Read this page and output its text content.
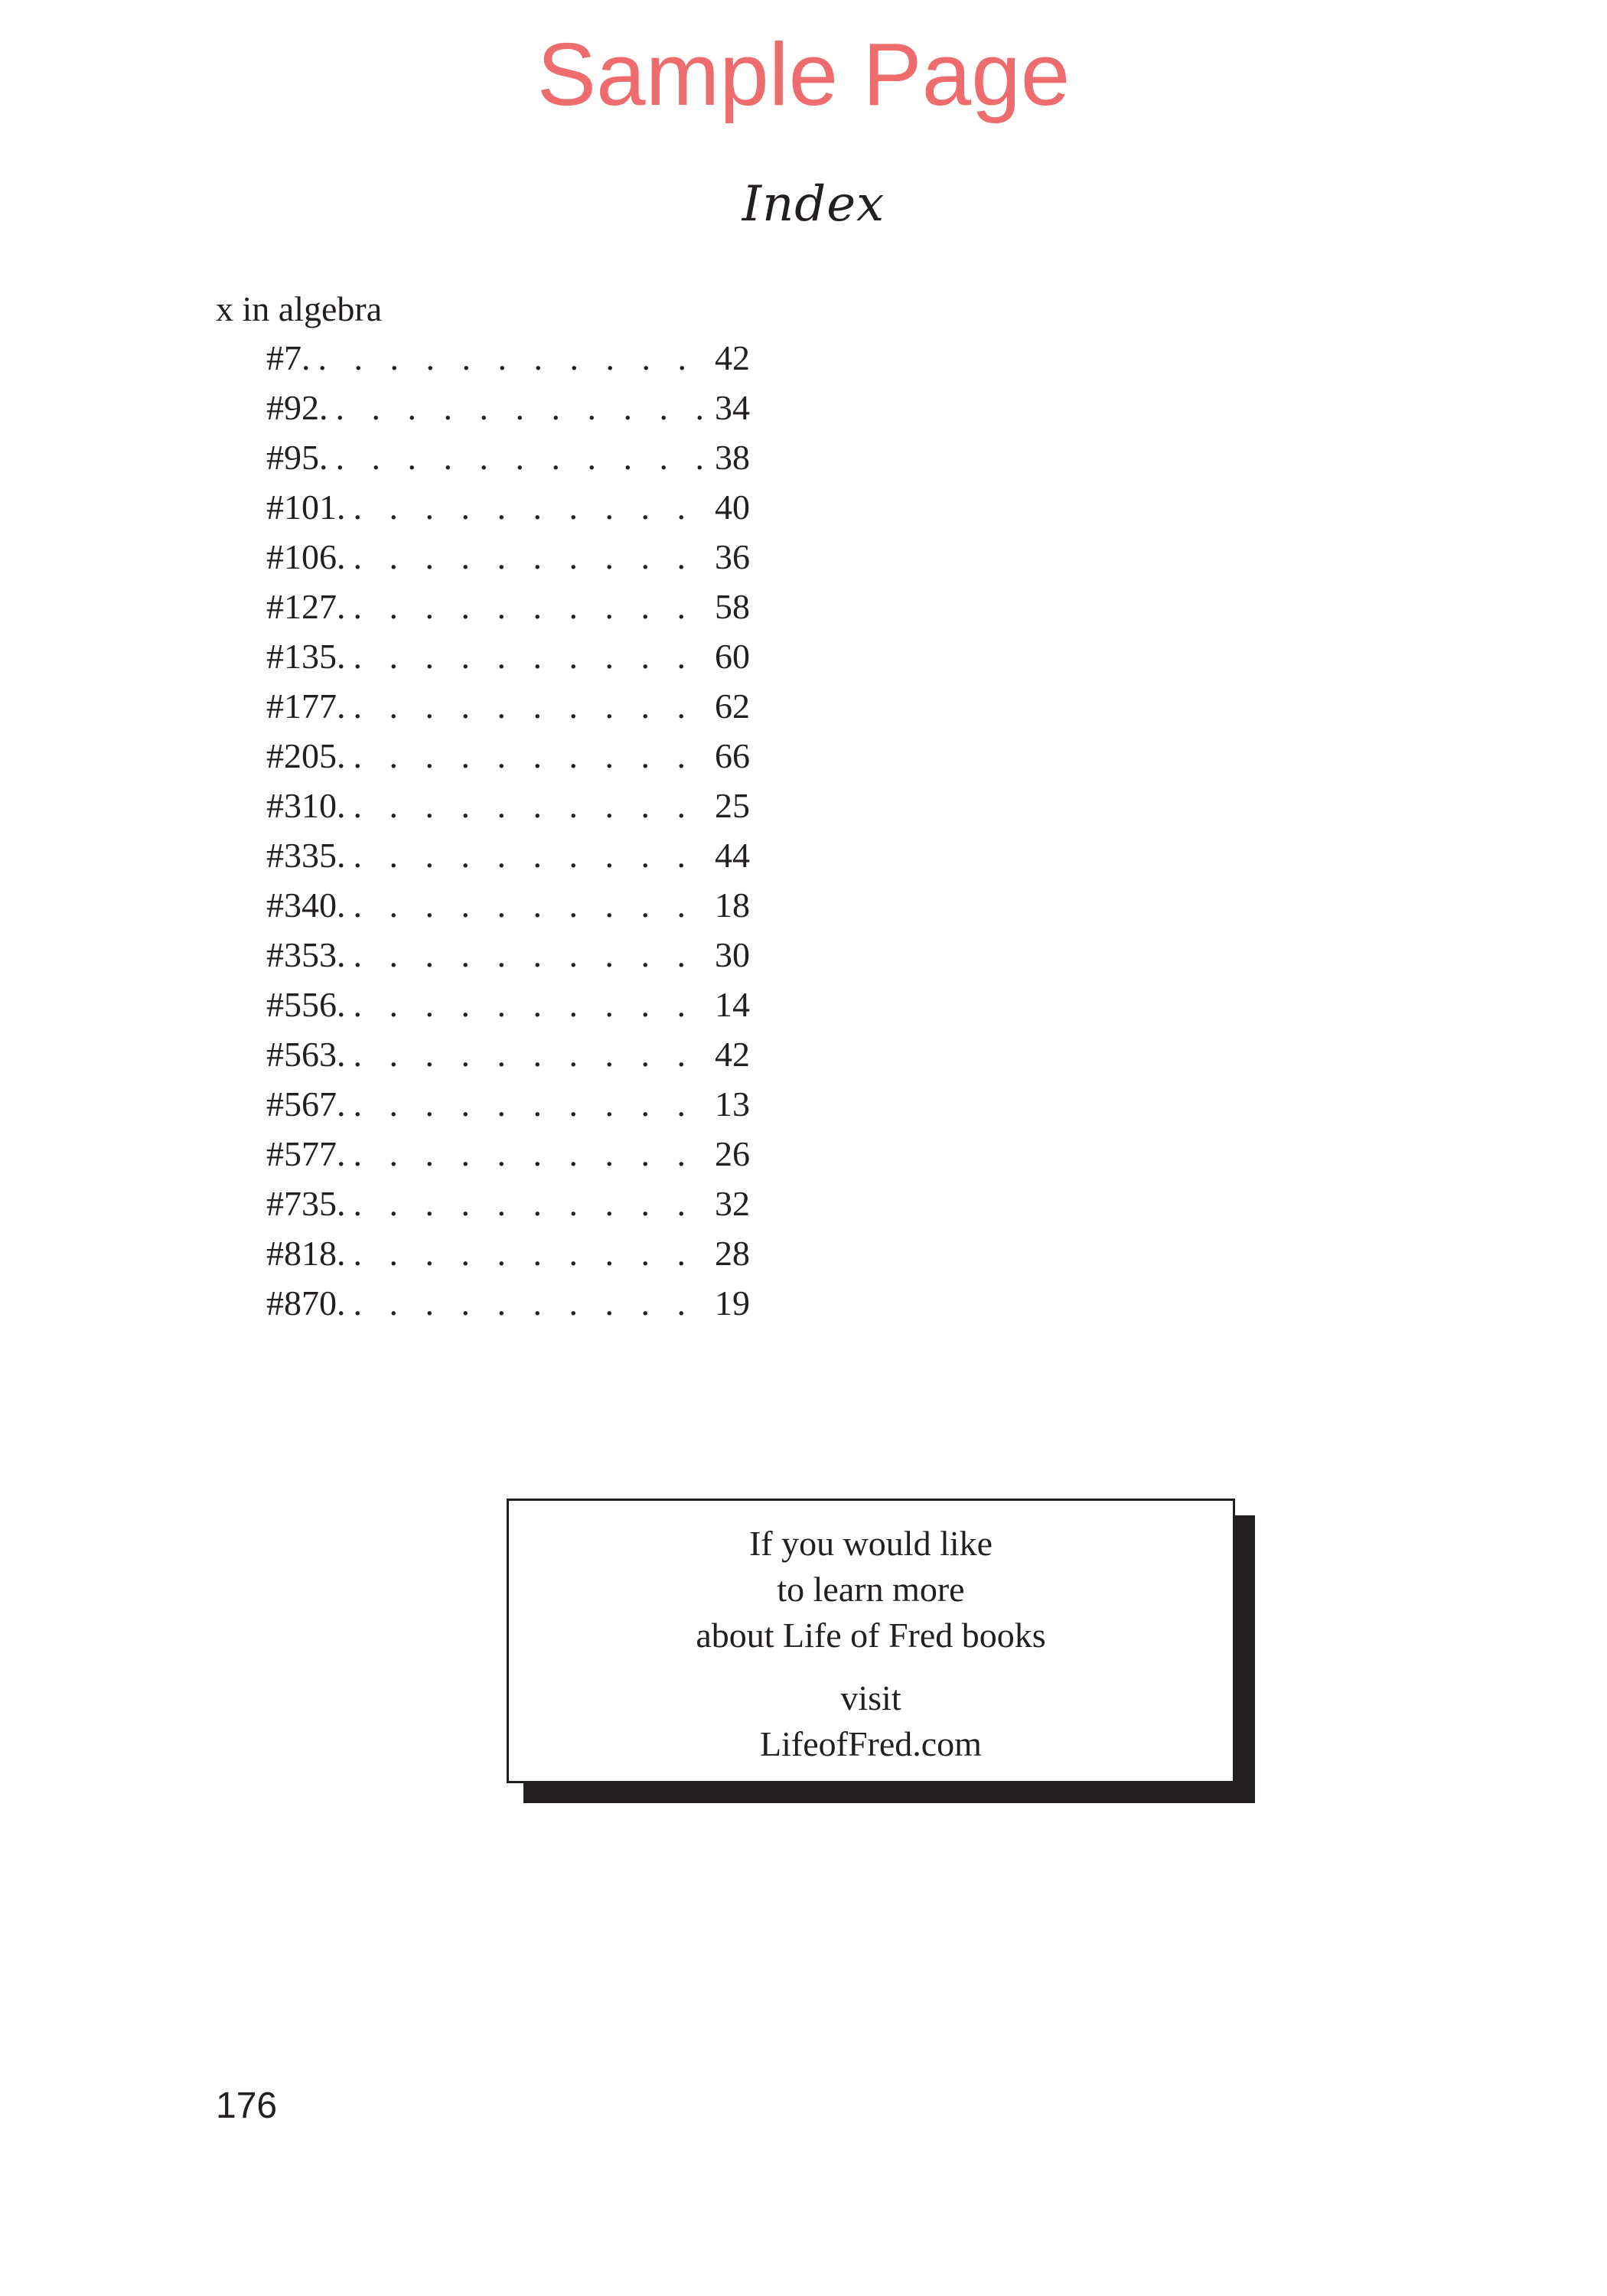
Sample Page
Index
x in algebra
#7. . . .	42
#92. . . .	34
#95. . . .	38
#101. . . .	40
#106. . . .	36
#127. . . .	58
#135. . . .	60
#177. . . .	62
#205. . . .	66
#310. . . .	25
#335. . . .	44
#340. . . .	18
#353. . . .	30
#556. . . .	14
#563. . . .	42
#567. . . .	13
#577. . . .	26
#735. . . .	32
#818. . . .	28
#870. . . .	19
If you would like
to learn more
about Life of Fred books
visit
LifeofFred.com
176
